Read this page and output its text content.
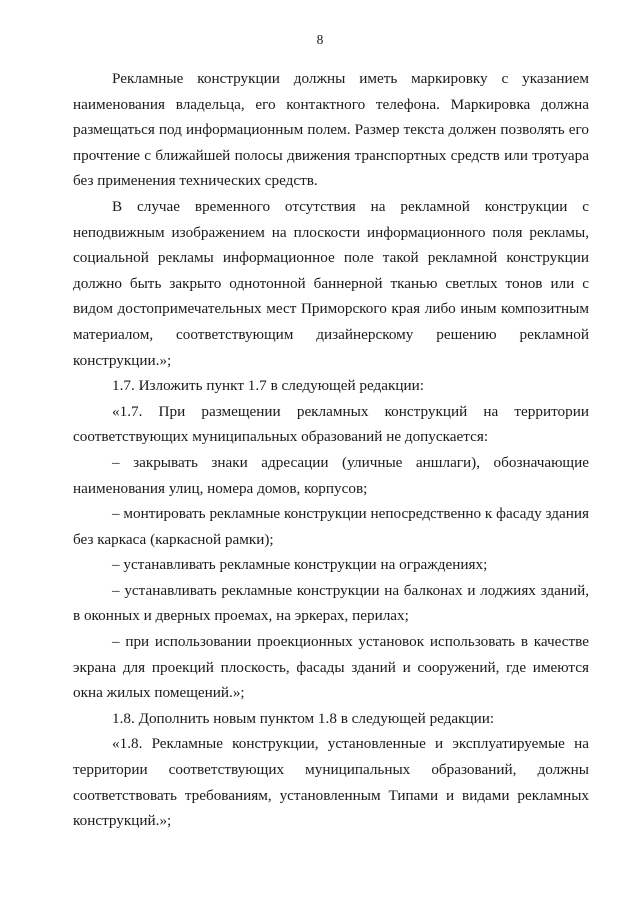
8

Рекламные конструкции должны иметь маркировку с указанием наименования владельца, его контактного телефона. Маркировка должна размещаться под информационным полем. Размер текста должен позволять его прочтение с ближайшей полосы движения транспортных средств или тротуара без применения технических средств.

В случае временного отсутствия на рекламной конструкции с неподвижным изображением на плоскости информационного поля рекламы, социальной рекламы информационное поле такой рекламной конструкции должно быть закрыто однотонной баннерной тканью светлых тонов или с видом достопримечательных мест Приморского края либо иным композитным материалом, соответствующим дизайнерскому решению рекламной конструкции.»;

1.7. Изложить пункт 1.7 в следующей редакции:

«1.7. При размещении рекламных конструкций на территории соответствующих муниципальных образований не допускается:

– закрывать знаки адресации (уличные аншлаги), обозначающие наименования улиц, номера домов, корпусов;

– монтировать рекламные конструкции непосредственно к фасаду здания без каркаса (каркасной рамки);

– устанавливать рекламные конструкции на ограждениях;

– устанавливать рекламные конструкции на балконах и лоджиях зданий, в оконных и дверных проемах, на эркерах, перилах;

– при использовании проекционных установок использовать в качестве экрана для проекций плоскость, фасады зданий и сооружений, где имеются окна жилых помещений.»;

1.8. Дополнить новым пунктом 1.8 в следующей редакции:

«1.8. Рекламные конструкции, установленные и эксплуатируемые на территории соответствующих муниципальных образований, должны соответствовать требованиям, установленным Типами и видами рекламных конструкций.»;
